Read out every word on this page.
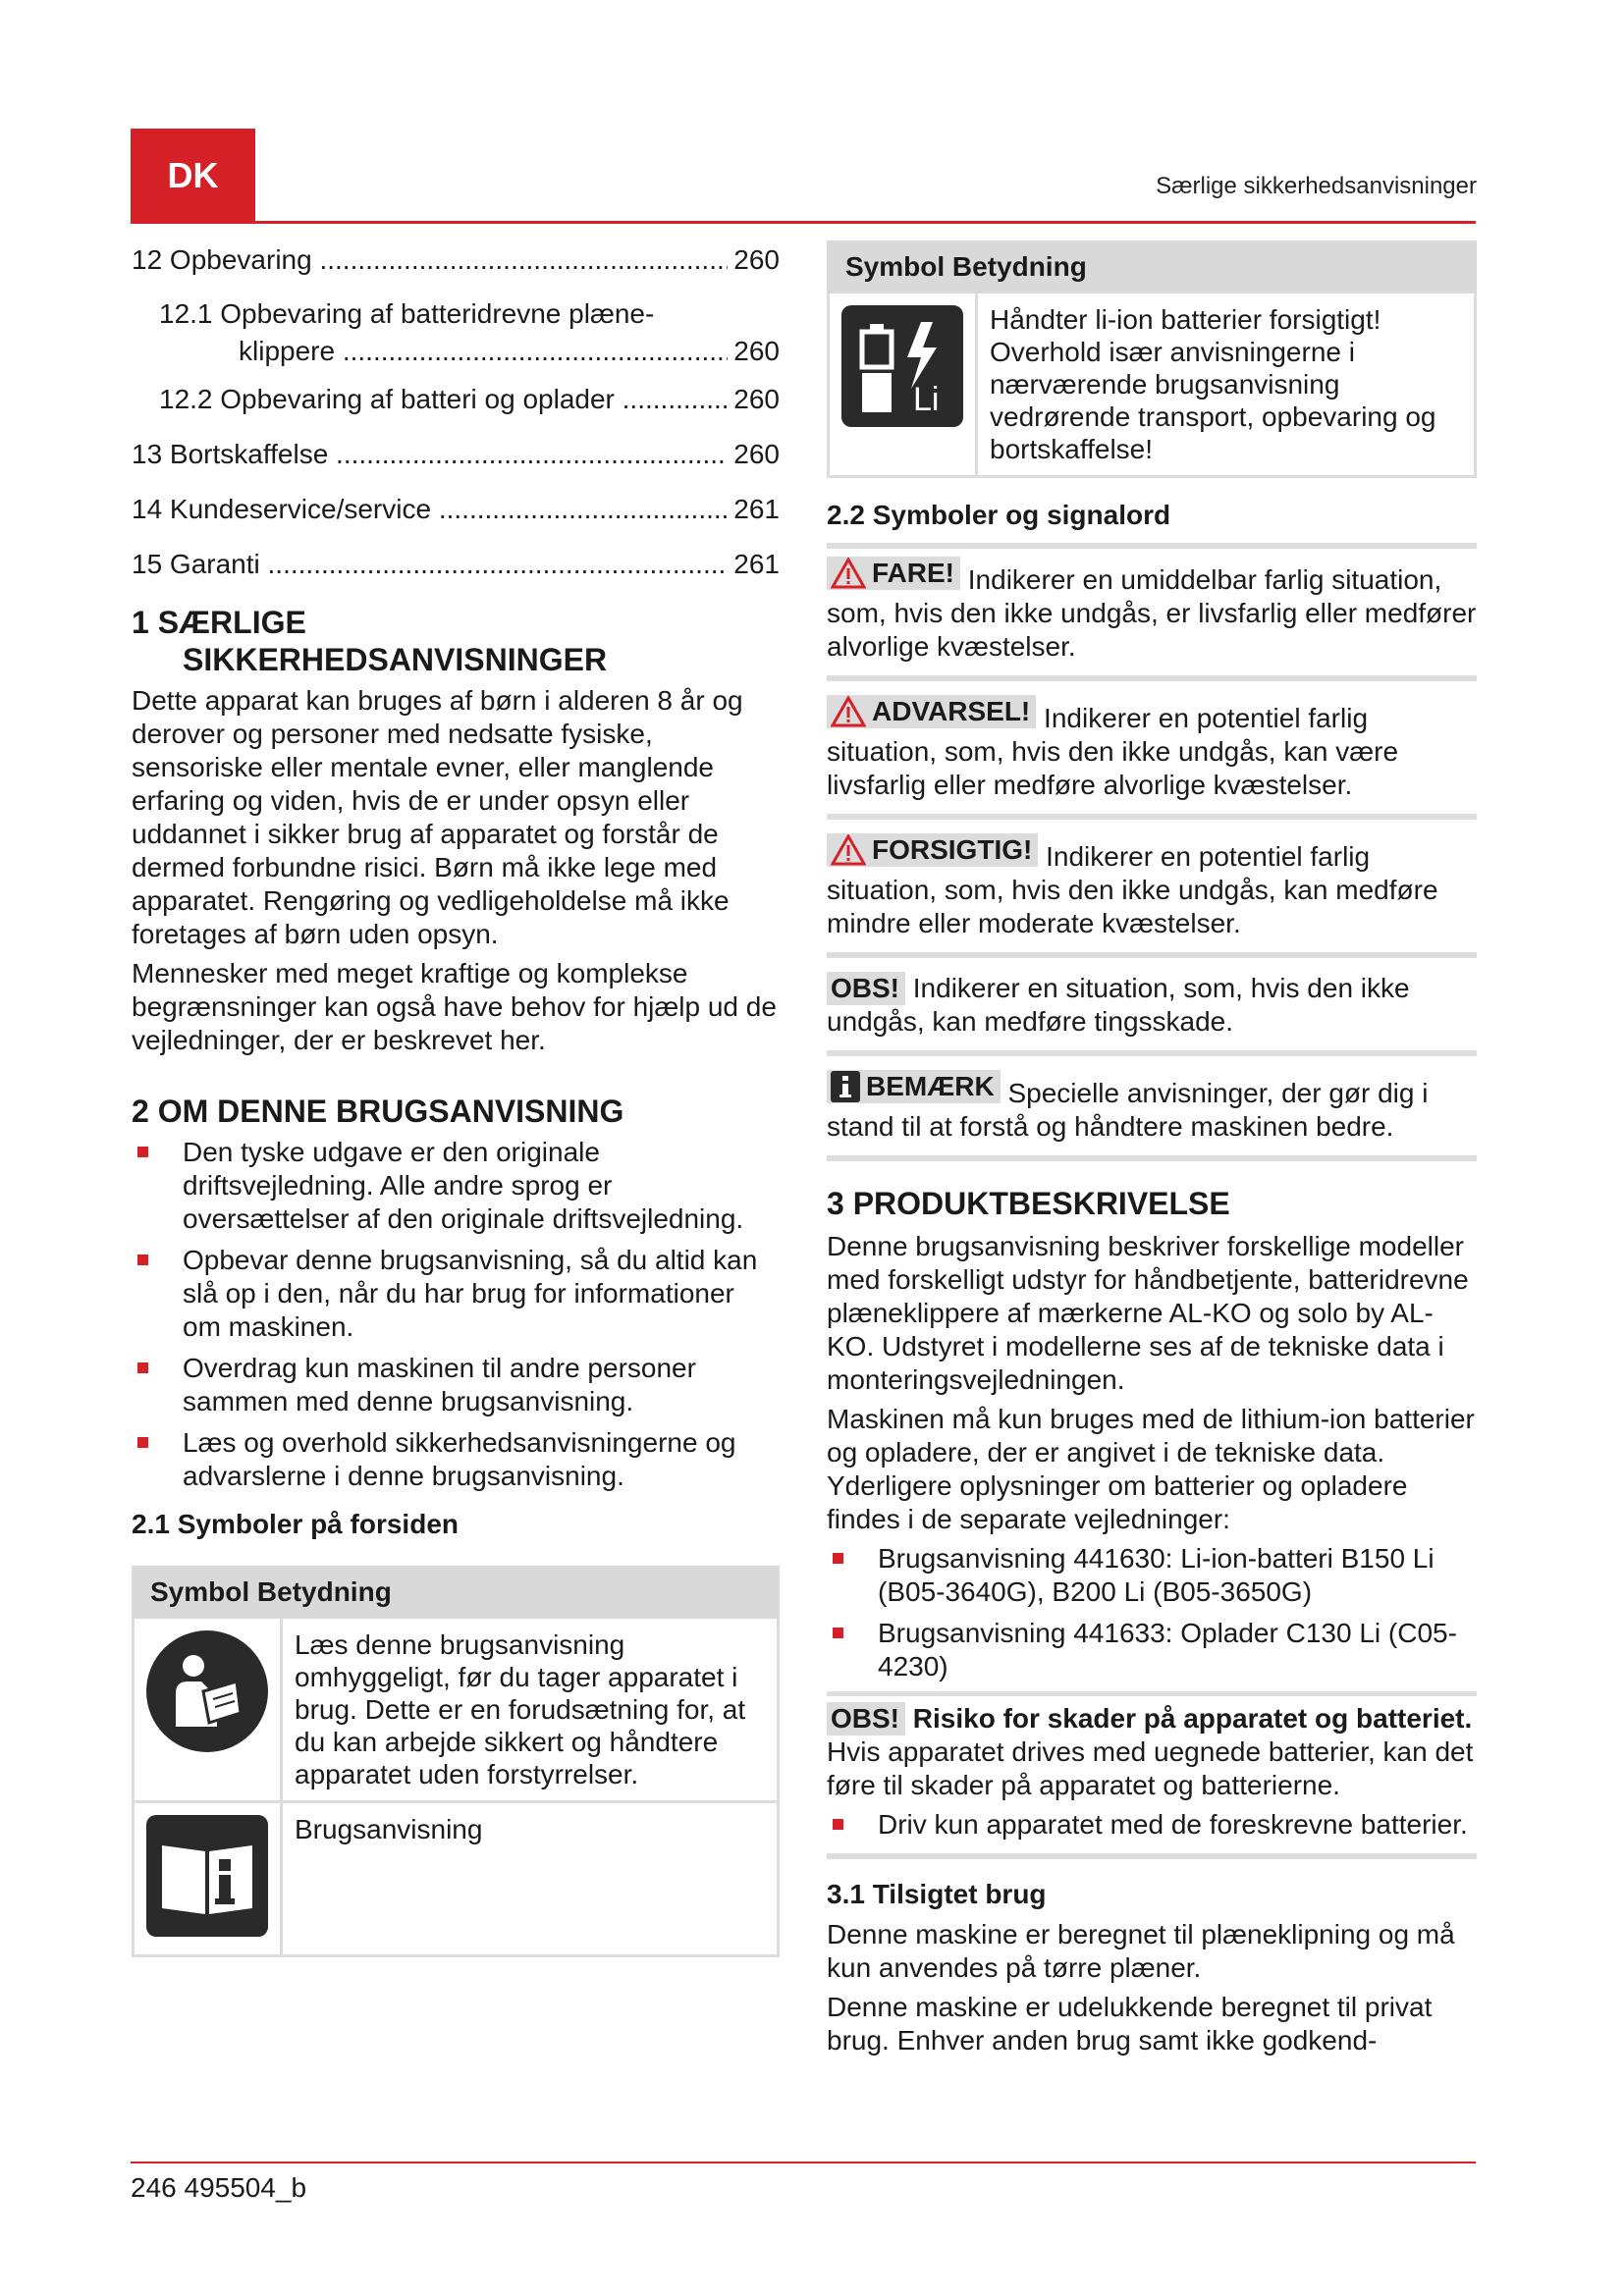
DK	Særlige sikkerhedsanvisninger
12 Opbevaring .....	260
12.1 Opbevaring af batteridrevne plæne-
klippere .....	260
12.2 Opbevaring af batteri og oplader .....	260
13 Bortskaffelse .....	260
14 Kundeservice/service .....	261
15 Garanti .....	261
1 SÆRLIGE
SIKKERHEDSANVISNINGER

Dette apparat kan bruges af børn i alderen 8 år og derover og personer med nedsatte fysiske, sensoriske eller mentale evner, eller manglende erfaring og viden, hvis de er under opsyn eller uddannet i sikker brug af apparatet og forstår de dermed forbundne risici. Børn må ikke lege med apparatet. Rengøring og vedligeholdelse må ikke foretages af børn uden opsyn.

Mennesker med meget kraftige og komplekse begrænsninger kan også have behov for hjælp ud de vejledninger, der er beskrevet her.

2 OM DENNE BRUGSANVISNING
Den tyske udgave er den originale driftsvejledning. Alle andre sprog er oversættelser af den originale driftsvejledning.
Opbevar denne brugsanvisning, så du altid kan slå op i den, når du har brug for informationer om maskinen.
Overdrag kun maskinen til andre personer sammen med denne brugsanvisning.
Læs og overhold sikkerhedsanvisningerne og advarslerne i denne brugsanvisning.
2.1 Symboler på forsiden
Symbol Betydning	

	Læs denne brugsanvisning omhyggeligt, før du tager apparatet i brug. Dette er en forudsætning for, at du kan arbejde sikkert og håndtere apparatet uden forstyrrelser.

	Brugsanvisning
Symbol Betydning

Li
	Håndter li-ion batterier forsigtigt! Overhold især anvisningerne i nærværende brugsanvisning vedrørende transport, opbevaring og bortskaffelse!
2.2 Symboler og signalord

FARE! Indikerer en umiddelbar farlig situation, som, hvis den ikke undgås, er livsfarlig eller medfører alvorlige kvæstelser.

ADVARSEL! Indikerer en potentiel farlig situation, som, hvis den ikke undgås, kan være livsfarlig eller medføre alvorlige kvæstelser.

FORSIGTIG! Indikerer en potentiel farlig situation, som, hvis den ikke undgås, kan medføre mindre eller moderate kvæstelser.

OBS! Indikerer en situation, som, hvis den ikke undgås, kan medføre tingsskade.

BEMÆRK Specielle anvisninger, der gør dig i stand til at forstå og håndtere maskinen bedre.

3 PRODUKTBESKRIVELSE

Denne brugsanvisning beskriver forskellige modeller med forskelligt udstyr for håndbetjente, batteridrevne plæneklippere af mærkerne AL-KO og solo by AL-KO. Udstyret i modellerne ses af de tekniske data i monteringsvejledningen.

Maskinen må kun bruges med de lithium-ion batterier og opladere, der er angivet i de tekniske data. Yderligere oplysninger om batterier og opladere findes i de separate vejledninger:

Brugsanvisning 441630: Li-ion-batteri B150 Li (B05-3640G), B200 Li (B05-3650G)
Brugsanvisning 441633: Oplader C130 Li (C05-4230)

OBS! Risiko for skader på apparatet og batteriet. Hvis apparatet drives med uegnede batterier, kan det føre til skader på apparatet og batterierne.

Driv kun apparatet med de foreskrevne batterier.
3.1 Tilsigtet brug

Denne maskine er beregnet til plæneklipning og må kun anvendes på tørre plæner.

Denne maskine er udelukkende beregnet til privat brug. Enhver anden brug samt ikke godkend-

246 495504_b
